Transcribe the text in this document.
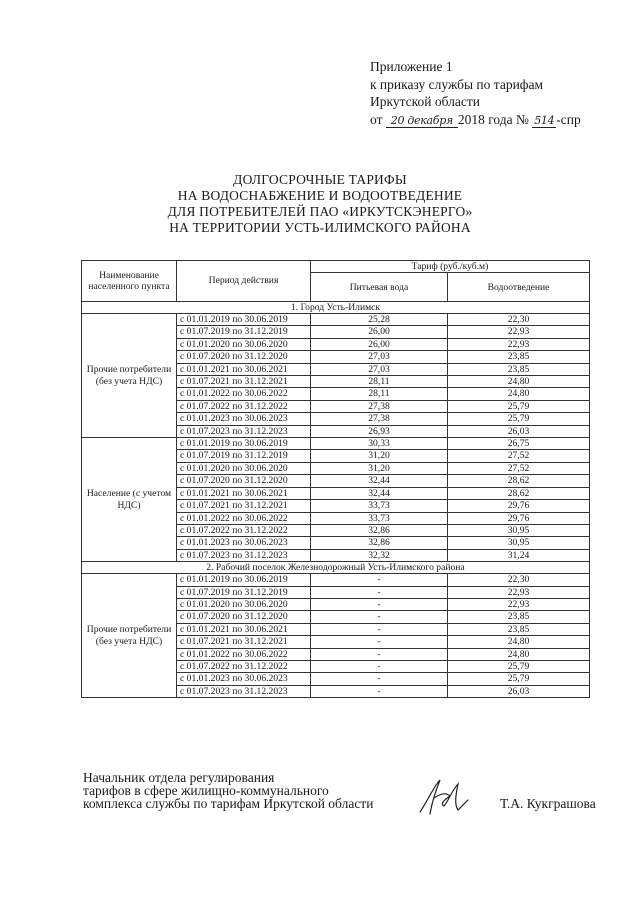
Приложение 1
к приказу службы по тарифам
Иркутской области
от 20 декабря 2018 года № 514 -спр
ДОЛГОСРОЧНЫЕ ТАРИФЫ
НА ВОДОСНАБЖЕНИЕ И ВОДООТВЕДЕНИЕ
ДЛЯ ПОТРЕБИТЕЛЕЙ ПАО «ИРКУТСКЭНЕРГО»
НА ТЕРРИТОРИИ УСТЬ-ИЛИМСКОГО РАЙОНА
Наименование населенного пункта	Период действия	Тариф (руб./куб.м)	
		Питьевая вода	Водоотведение
1. Город Усть-Илимск			
Прочие потребители (без учета НДС)	с 01.01.2019 по 30.06.2019	25,28	22,30
	с 01.07.2019 по 31.12.2019	26,00	22,93
	с 01.01.2020 по 30.06.2020	26,00	22,93
	с 01.07.2020 по 31.12.2020	27,03	23,85
	с 01.01.2021 по 30.06.2021	27,03	23,85
	с 01.07.2021 по 31.12.2021	28,11	24,80
	с 01.01.2022 по 30.06.2022	28,11	24,80
	с 01.07.2022 по 31.12.2022	27,38	25,79
	с 01.01.2023 по 30.06.2023	27,38	25,79
	с 01.07.2023 по 31.12.2023	26,93	26,03
Население (с учетом НДС)	с 01.01.2019 по 30.06.2019	30,33	26,75
	с 01.07.2019 по 31.12.2019	31,20	27,52
	с 01.01.2020 по 30.06.2020	31,20	27,52
	с 01.07.2020 по 31.12.2020	32,44	28,62
	с 01.01.2021 по 30.06.2021	32,44	28,62
	с 01.07.2021 по 31.12.2021	33,73	29,76
	с 01.01.2022 по 30.06.2022	33,73	29,76
	с 01.07.2022 по 31.12.2022	32,86	30,95
	с 01.01.2023 по 30.06.2023	32,86	30,95
	с 01.07.2023 по 31.12.2023	32,32	31,24
2. Рабочий поселок Железнодорожный Усть-Илимского района			
Прочие потребители (без учета НДС)	с 01.01.2019 по 30.06.2019	-	22,30
	с 01.07.2019 по 31.12.2019	-	22,93
	с 01.01.2020 по 30.06.2020	-	22,93
	с 01.07.2020 по 31.12.2020	-	23,85
	с 01.01.2021 по 30.06.2021	-	23,85
	с 01.07.2021 по 31.12.2021	-	24,80
	с 01.01.2022 по 30.06.2022	-	24,80
	с 01.07.2022 по 31.12.2022	-	25,79
	с 01.01.2023 по 30.06.2023	-	25,79
	с 01.07.2023 по 31.12.2023	-	26,03
Начальник отдела регулирования
тарифов в сфере жилищно-коммунального
комплекса службы по тарифам Иркутской области	Т.А. Кукграшова
